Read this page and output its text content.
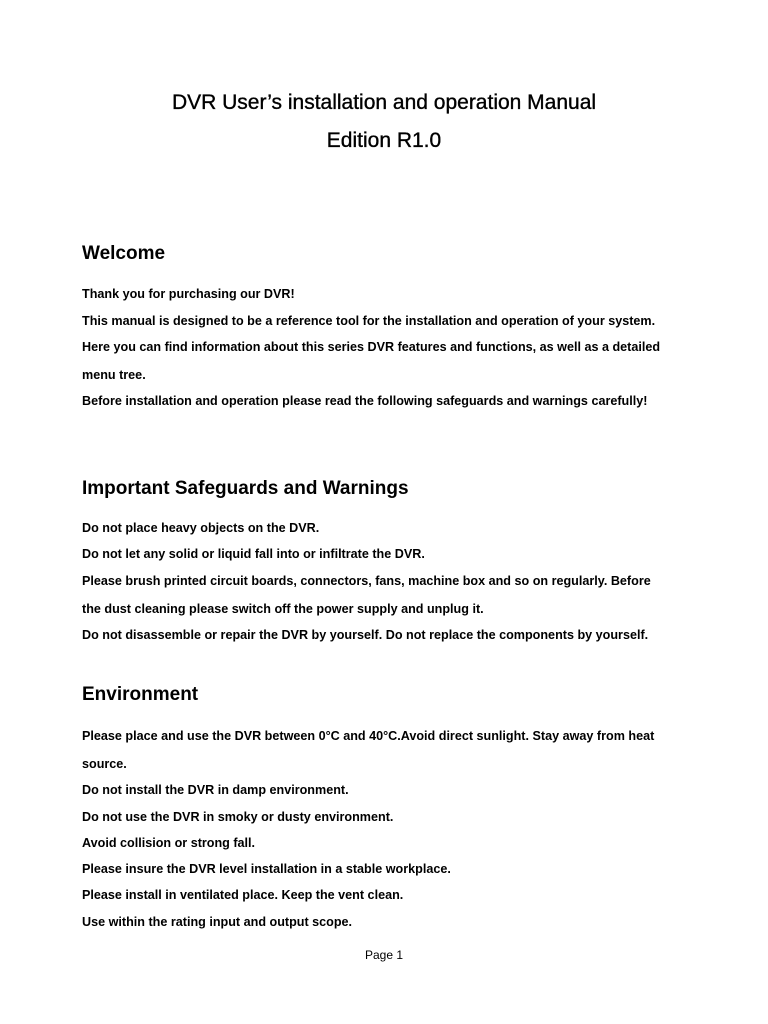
DVR User’s installation and operation Manual
Edition R1.0
Welcome

Thank you for purchasing our DVR!

This manual is designed to be a reference tool for the installation and operation of your system.

Here you can find information about this series DVR features and functions, as well as a detailed

menu tree.

Before installation and operation please read the following safeguards and warnings carefully!

Important Safeguards and Warnings

Do not place heavy objects on the DVR.

Do not let any solid or liquid fall into or infiltrate the DVR.

Please brush printed circuit boards, connectors, fans, machine box and so on regularly. Before

the dust cleaning please switch off the power supply and unplug it.

Do not disassemble or repair the DVR by yourself. Do not replace the components by yourself.

Environment

Please place and use the DVR between 0°C and 40°C.Avoid direct sunlight. Stay away from heat

source.

Do not install the DVR in damp environment.

Do not use the DVR in smoky or dusty environment.

Avoid collision or strong fall.

Please insure the DVR level installation in a stable workplace.

Please install in ventilated place. Keep the vent clean.

Use within the rating input and output scope.

Page 1
